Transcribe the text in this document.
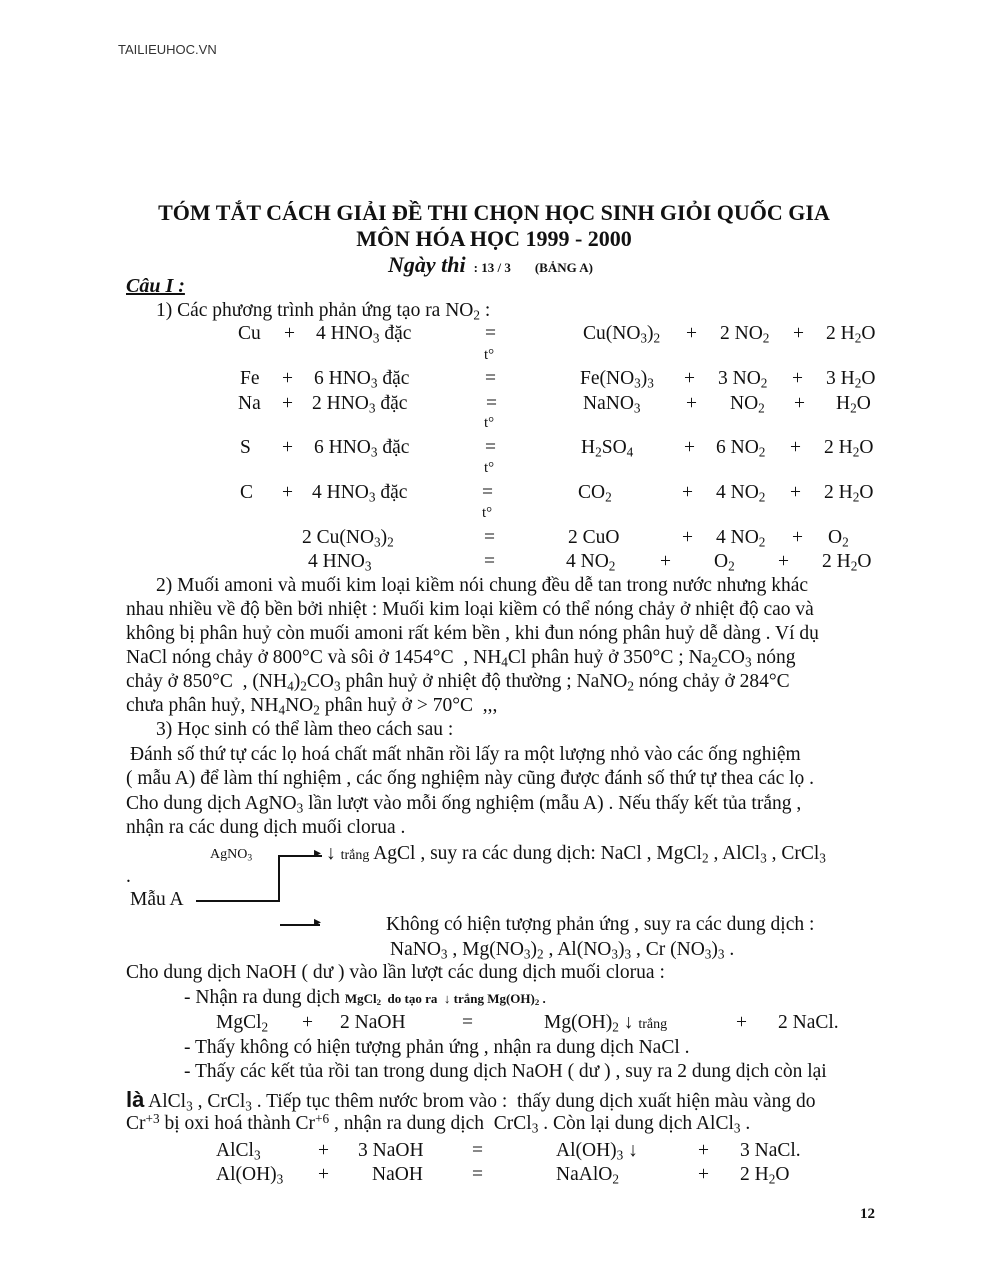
TAILIEUHOC.VN
TÓM TẮT CÁCH GIẢI ĐỀ THI CHỌN HỌC SINH GIỎI QUỐC GIA
MÔN HÓA HỌC 1999 - 2000
Ngày thi : 13 / 3 (BẢNG A)
Câu I :
1) Các phương trình phản ứng tạo ra $NO_2$ :
Cu + 4 $HNO_3$ đặc	=	$Cu(NO_3)_2 + 2$ $NO_2 + 2$ $H_2O$
t°
Fe + 6 $HNO_3$ đặc	=	$Fe(NO_3)_3 + 3$ $NO_2 + 3$ $H_2O$
Na + 2 $HNO_3$ đặc	=	NaNO$_3$ + $NO_2 + H_2O$
t°
S + 6 $HNO_3$ đặc	=	$H_2SO_4$	+ 6 $NO_2 + 2$ $H_2O$
t°
C + 4 $HNO_3$ đặc	=	$CO_2$	+ 4 $NO_2 + 2$ $H_2O$
t°
2 $Cu(NO_3)_2$	=	2 CuO	+ 4 $NO_2 + O_2$
4 $HNO_3$	=	4 $NO_2 + O_2 + 2$ $H_2O$
2) Muối amoni và muối kim loại kiềm nói chung đều dễ tan trong nước nhưng khác
nhau nhiều về độ bền bởi nhiệt : Muối kim loại kiềm có thể nóng chảy ở nhiệt độ cao và
không bị phân huỷ còn muối amoni rất kém bền , khi đun nóng phân huỷ dễ dàng . Ví dụ
NaCl nóng chảy ở 800°C và sôi ở 1454°C  , $NH_4Cl$ phân huỷ ở 350°C ; $Na_2CO_3$ nóng
chảy ở 850°C  , $(NH_4)_2CO_3$ phân huỷ ở nhiệt độ thường ; NaNO$_2$ nóng chảy ở 284°C
chưa phân huỷ, $NH_4NO_2$ phân huỷ ở > 70°C  ,,,
3) Học sinh có thể làm theo cách sau :
Đánh số thứ tự các lọ hoá chất mất nhãn rồi lấy ra một lượng nhỏ vào các ống nghiệm
( mẫu A) để làm thí nghiệm , các ống nghiệm này cũng được đánh số thứ tự thea các lọ .
Cho dung dịch AgNO$_3$ lần lượt vào mỗi ống nghiệm (mẫu A) . Nếu thấy kết tủa trắng ,
nhận ra các dung dịch muối clorua .
AgNO$_3$	▸ ↓ trắng AgCl , suy ra các dung dịch: NaCl , MgCl$_2$ , AlCl$_3$ , CrCl$_3$
.
Mẫu A
▸	Không có hiện tượng phản ứng , suy ra các dung dịch :
NaNO$_3$ , $Mg(NO_3)_2$ , $Al(NO_3)_3$ , Cr $(NO_3)_3$ .
Cho dung dịch NaOH ( dư ) vào lần lượt các dung dịch muối clorua :
- Nhận ra dung dịch MgCl$_2$  do tạo ra  ↓ trắng $Mg(OH)_2$ .
MgCl$_2$ + 2 NaOH	=	$Mg(OH)_2$ ↓ trắng	+ 2 NaCl.
- Thấy không có hiện tượng phản ứng , nhận ra dung dịch NaCl .
- Thấy các kết tủa rồi tan trong dung dịch NaOH ( dư ) , suy ra 2 dung dịch còn lại
là AlCl$_3$ , CrCl$_3$ . Tiếp tục thêm nước brom vào :  thấy dung dịch xuất hiện màu vàng do
$Cr^{+3}$ bị oxi hoá thành $Cr^{+6}$ , nhận ra dung dịch  CrCl$_3$ . Còn lại dung dịch AlCl$_3$ .
AlCl$_3$	+ 3 NaOH =	$Al(OH)_3$ ↓	+ 3 NaCl.
$Al(OH)_3$ + NaOH	=	NaAlO$_2$	+ 2 $H_2O$
12
